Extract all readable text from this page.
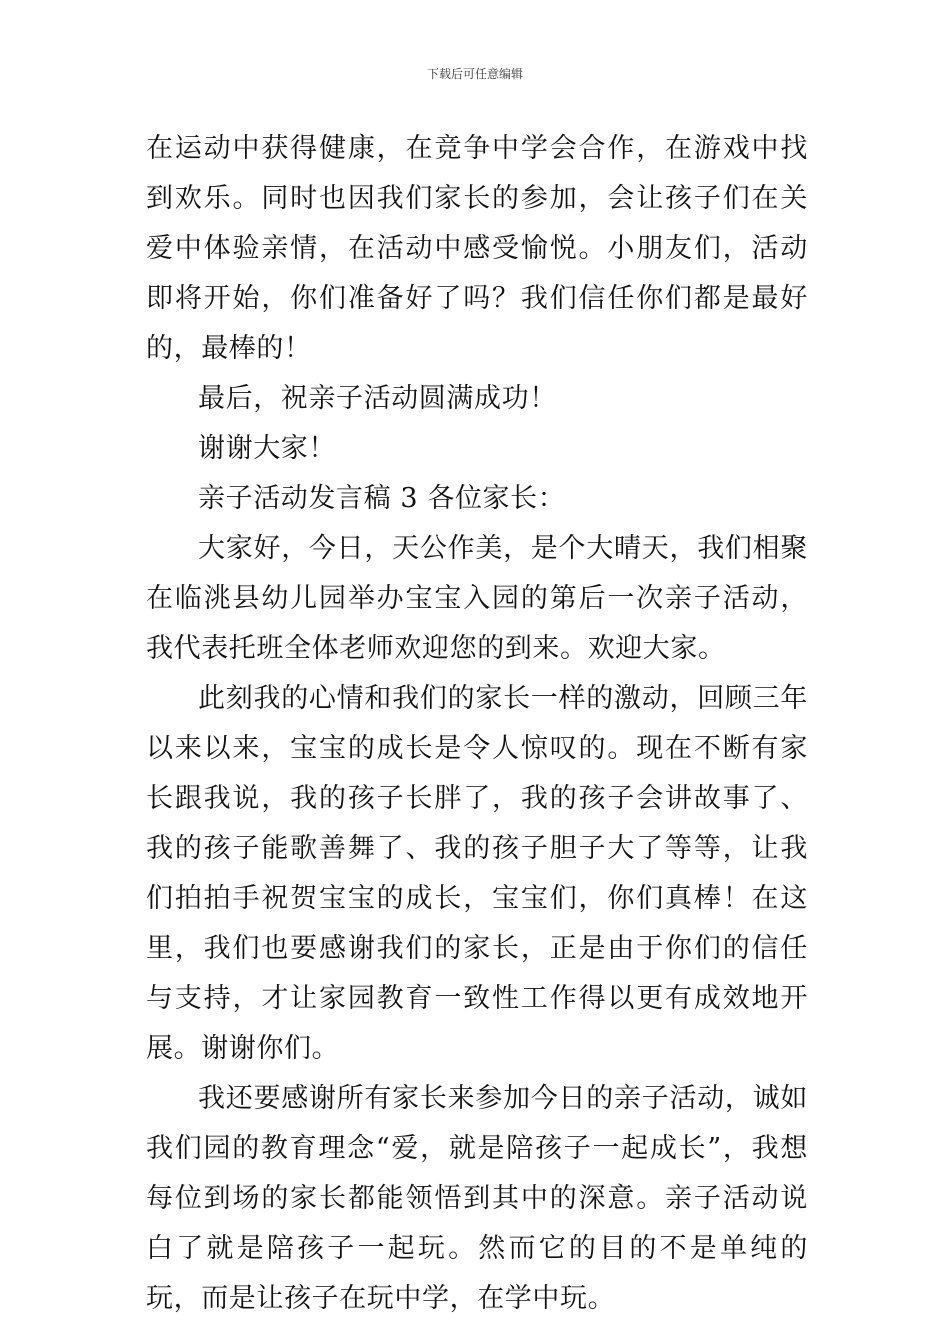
下载后可任意编辑

在运动中获得健康，在竞争中学会合作，在游戏中找到欢乐。同时也因我们家长的参加，会让孩子们在关爱中体验亲情，在活动中感受愉悦。小朋友们，活动即将开始，你们准备好了吗？我们信任你们都是最好的，最棒的！

最后，祝亲子活动圆满成功！

谢谢大家！

亲子活动发言稿 3 各位家长：

大家好，今日，天公作美，是个大晴天，我们相聚在临洮县幼儿园举办宝宝入园的第后一次亲子活动，我代表托班全体老师欢迎您的到来。欢迎大家。

此刻我的心情和我们的家长一样的激动，回顾三年以来以来，宝宝的成长是令人惊叹的。现在不断有家长跟我说，我的孩子长胖了，我的孩子会讲故事了、我的孩子能歌善舞了、我的孩子胆子大了等等，让我们拍拍手祝贺宝宝的成长，宝宝们，你们真棒！在这里，我们也要感谢我们的家长，正是由于你们的信任与支持，才让家园教育一致性工作得以更有成效地开展。谢谢你们。

我还要感谢所有家长来参加今日的亲子活动，诚如我们园的教育理念“爱，就是陪孩子一起成长”，我想每位到场的家长都能领悟到其中的深意。亲子活动说白了就是陪孩子一起玩。然而它的目的不是单纯的玩，而是让孩子在玩中学，在学中玩。
